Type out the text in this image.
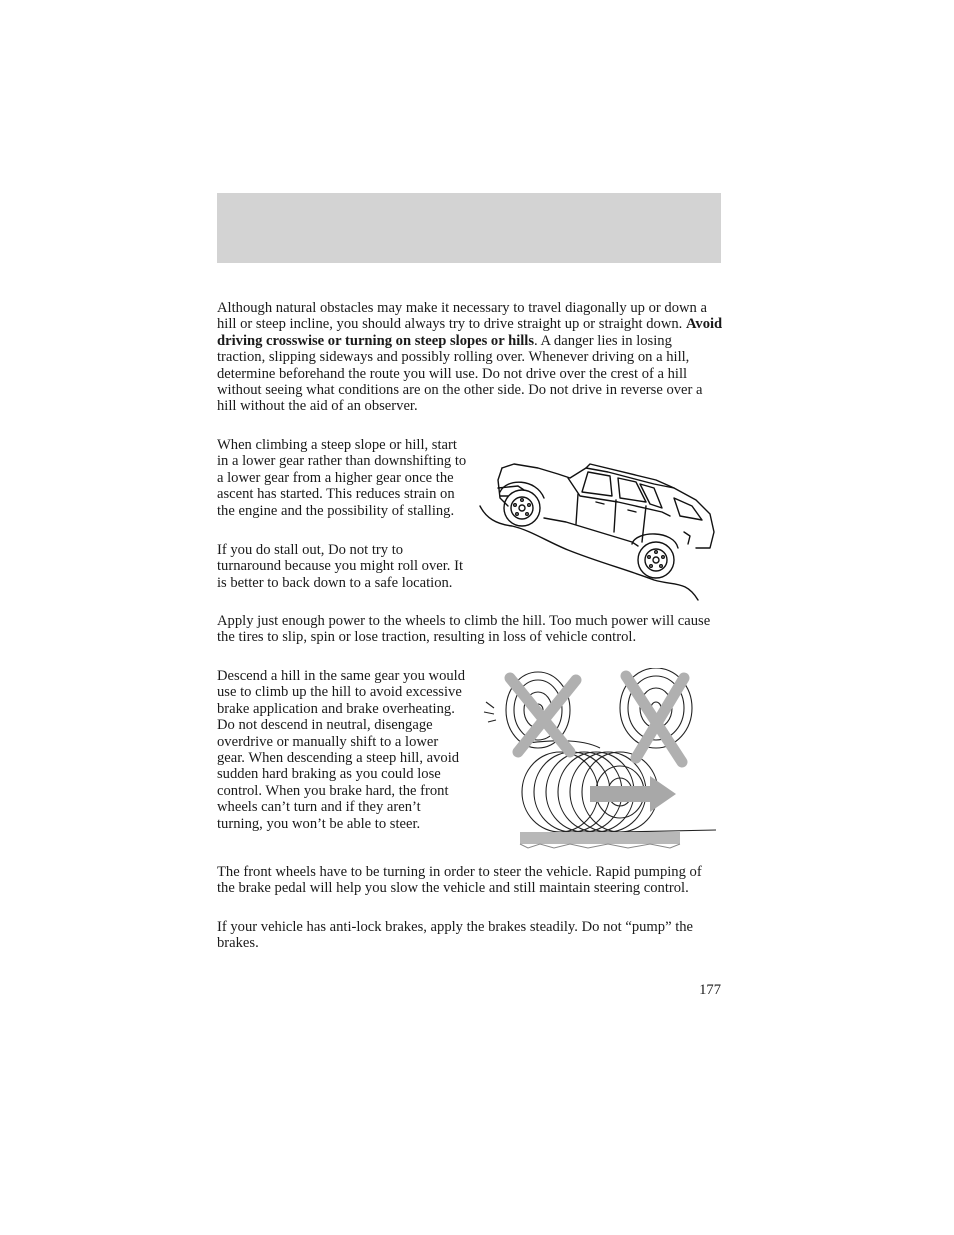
Although natural obstacles may make it necessary to travel diagonally up or down a hill or steep incline, you should always try to drive straight up or straight down. Avoid driving crosswise or turning on steep slopes or hills. A danger lies in losing traction, slipping sideways and possibly rolling over. Whenever driving on a hill, determine beforehand the route you will use. Do not drive over the crest of a hill without seeing what conditions are on the other side. Do not drive in reverse over a hill without the aid of an observer.

When climbing a steep slope or hill, start in a lower gear rather than downshifting to a lower gear from a higher gear once the ascent has started. This reduces strain on the engine and the possibility of stalling.

If you do stall out, Do not try to turnaround because you might roll over. It is better to back down to a safe location.

Apply just enough power to the wheels to climb the hill. Too much power will cause the tires to slip, spin or lose traction, resulting in loss of vehicle control.

Descend a hill in the same gear you would use to climb up the hill to avoid excessive brake application and brake overheating. Do not descend in neutral, disengage overdrive or manually shift to a lower gear. When descending a steep hill, avoid sudden hard braking as you could lose control. When you brake hard, the front wheels can’t turn and if they aren’t turning, you won’t be able to steer.

The front wheels have to be turning in order to steer the vehicle. Rapid pumping of the brake pedal will help you slow the vehicle and still maintain steering control.

If your vehicle has anti-lock brakes, apply the brakes steadily. Do not “pump” the brakes.

177
